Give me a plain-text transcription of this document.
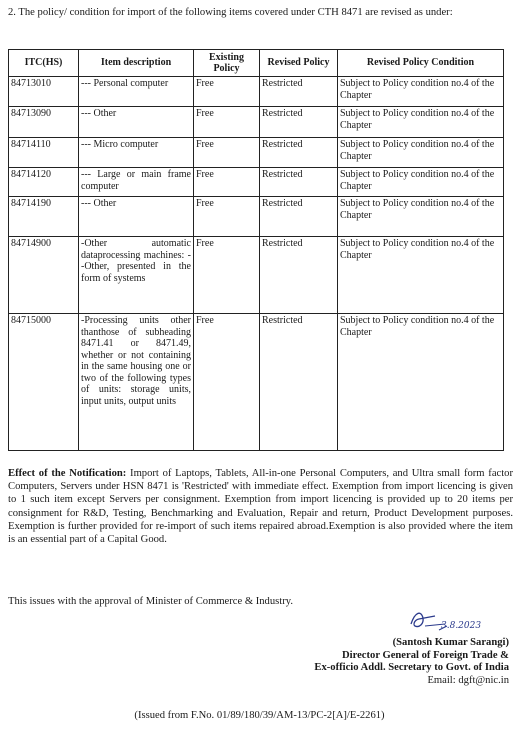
2. The policy/ condition for import of the following items covered under CTH 8471 are revised as under:
ITC(HS)	Item description	Existing Policy	Revised Policy	Revised Policy Condition
84713010	--- Personal computer	Free	Restricted	Subject to Policy condition no.4 of the Chapter
84713090	--- Other	Free	Restricted	Subject to Policy condition no.4 of the Chapter
84714110	--- Micro computer	Free	Restricted	Subject to Policy condition no.4 of the Chapter
84714120	--- Large or main frame computer	Free	Restricted	Subject to Policy condition no.4 of the Chapter
84714190	--- Other	Free	Restricted	Subject to Policy condition no.4 of the Chapter
84714900	-Other automatic dataprocessing machines: --Other, presented in the form of systems	Free	Restricted	Subject to Policy condition no.4 of the Chapter
84715000	-Processing units other thanthose of subheading 8471.41 or 8471.49, whether or not containing in the same housing one or two of the following types of units: storage units, input units, output units	Free	Restricted	Subject to Policy condition no.4 of the Chapter
Effect of the Notification: Import of Laptops, Tablets, All-in-one Personal Computers, and Ultra small form factor Computers, Servers under HSN 8471 is 'Restricted' with immediate effect. Exemption from import licencing is given to 1 such item except Servers per consignment. Exemption from import licencing is provided up to 20 items per consignment for R&D, Testing, Benchmarking and Evaluation, Repair and return, Product Development purposes. Exemption is further provided for re-import of such items repaired abroad.Exemption is also provided where the item is an essential part of a Capital Good.
This issues with the approval of Minister of Commerce & Industry.
3.8.2023
(Santosh Kumar Sarangi)
Director General of Foreign Trade &
Ex-officio Addl. Secretary to Govt. of India
Email: dgft@nic.in
(Issued from F.No. 01/89/180/39/AM-13/PC-2[A]/E-2261)
